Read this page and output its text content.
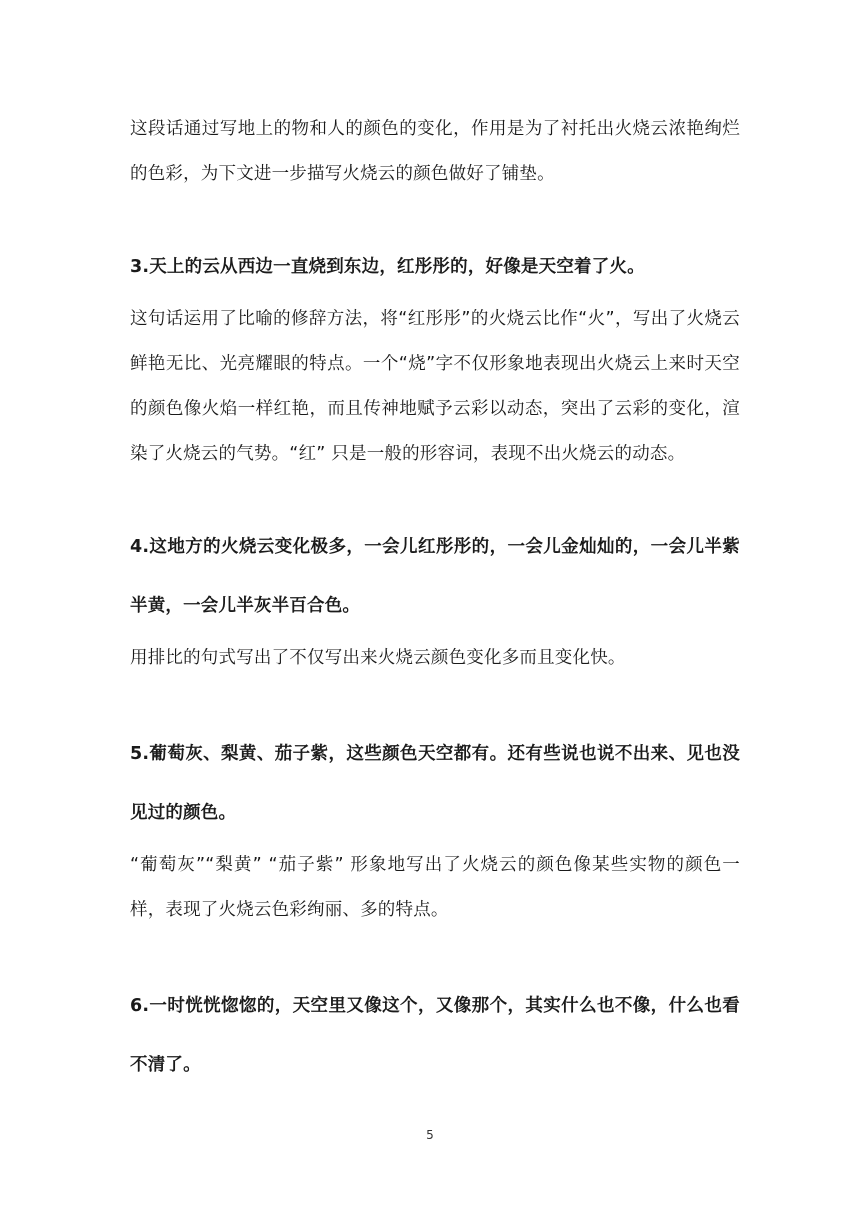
这段话通过写地上的物和人的颜色的变化，作用是为了衬托出火烧云浓艳绚烂的色彩，为下文进一步描写火烧云的颜色做好了铺垫。

3.天上的云从西边一直烧到东边，红彤彤的，好像是天空着了火。

这句话运用了比喻的修辞方法，将“红彤彤”的火烧云比作“火”，写出了火烧云鲜艳无比、光亮耀眼的特点。一个“烧”字不仅形象地表现出火烧云上来时天空的颜色像火焰一样红艳，而且传神地赋予云彩以动态，突出了云彩的变化，渲染了火烧云的气势。“红” 只是一般的形容词，表现不出火烧云的动态。

4.这地方的火烧云变化极多，一会儿红彤彤的，一会儿金灿灿的，一会儿半紫半黄，一会儿半灰半百合色。

用排比的句式写出了不仅写出来火烧云颜色变化多而且变化快。

5.葡萄灰、梨黄、茄子紫，这些颜色天空都有。还有些说也说不出来、见也没见过的颜色。

“葡萄灰”“梨黄” “茄子紫” 形象地写出了火烧云的颜色像某些实物的颜色一样，表现了火烧云色彩绚丽、多的特点。

6.一时恍恍惚惚的，天空里又像这个，又像那个，其实什么也不像，什么也看不清了。

5
